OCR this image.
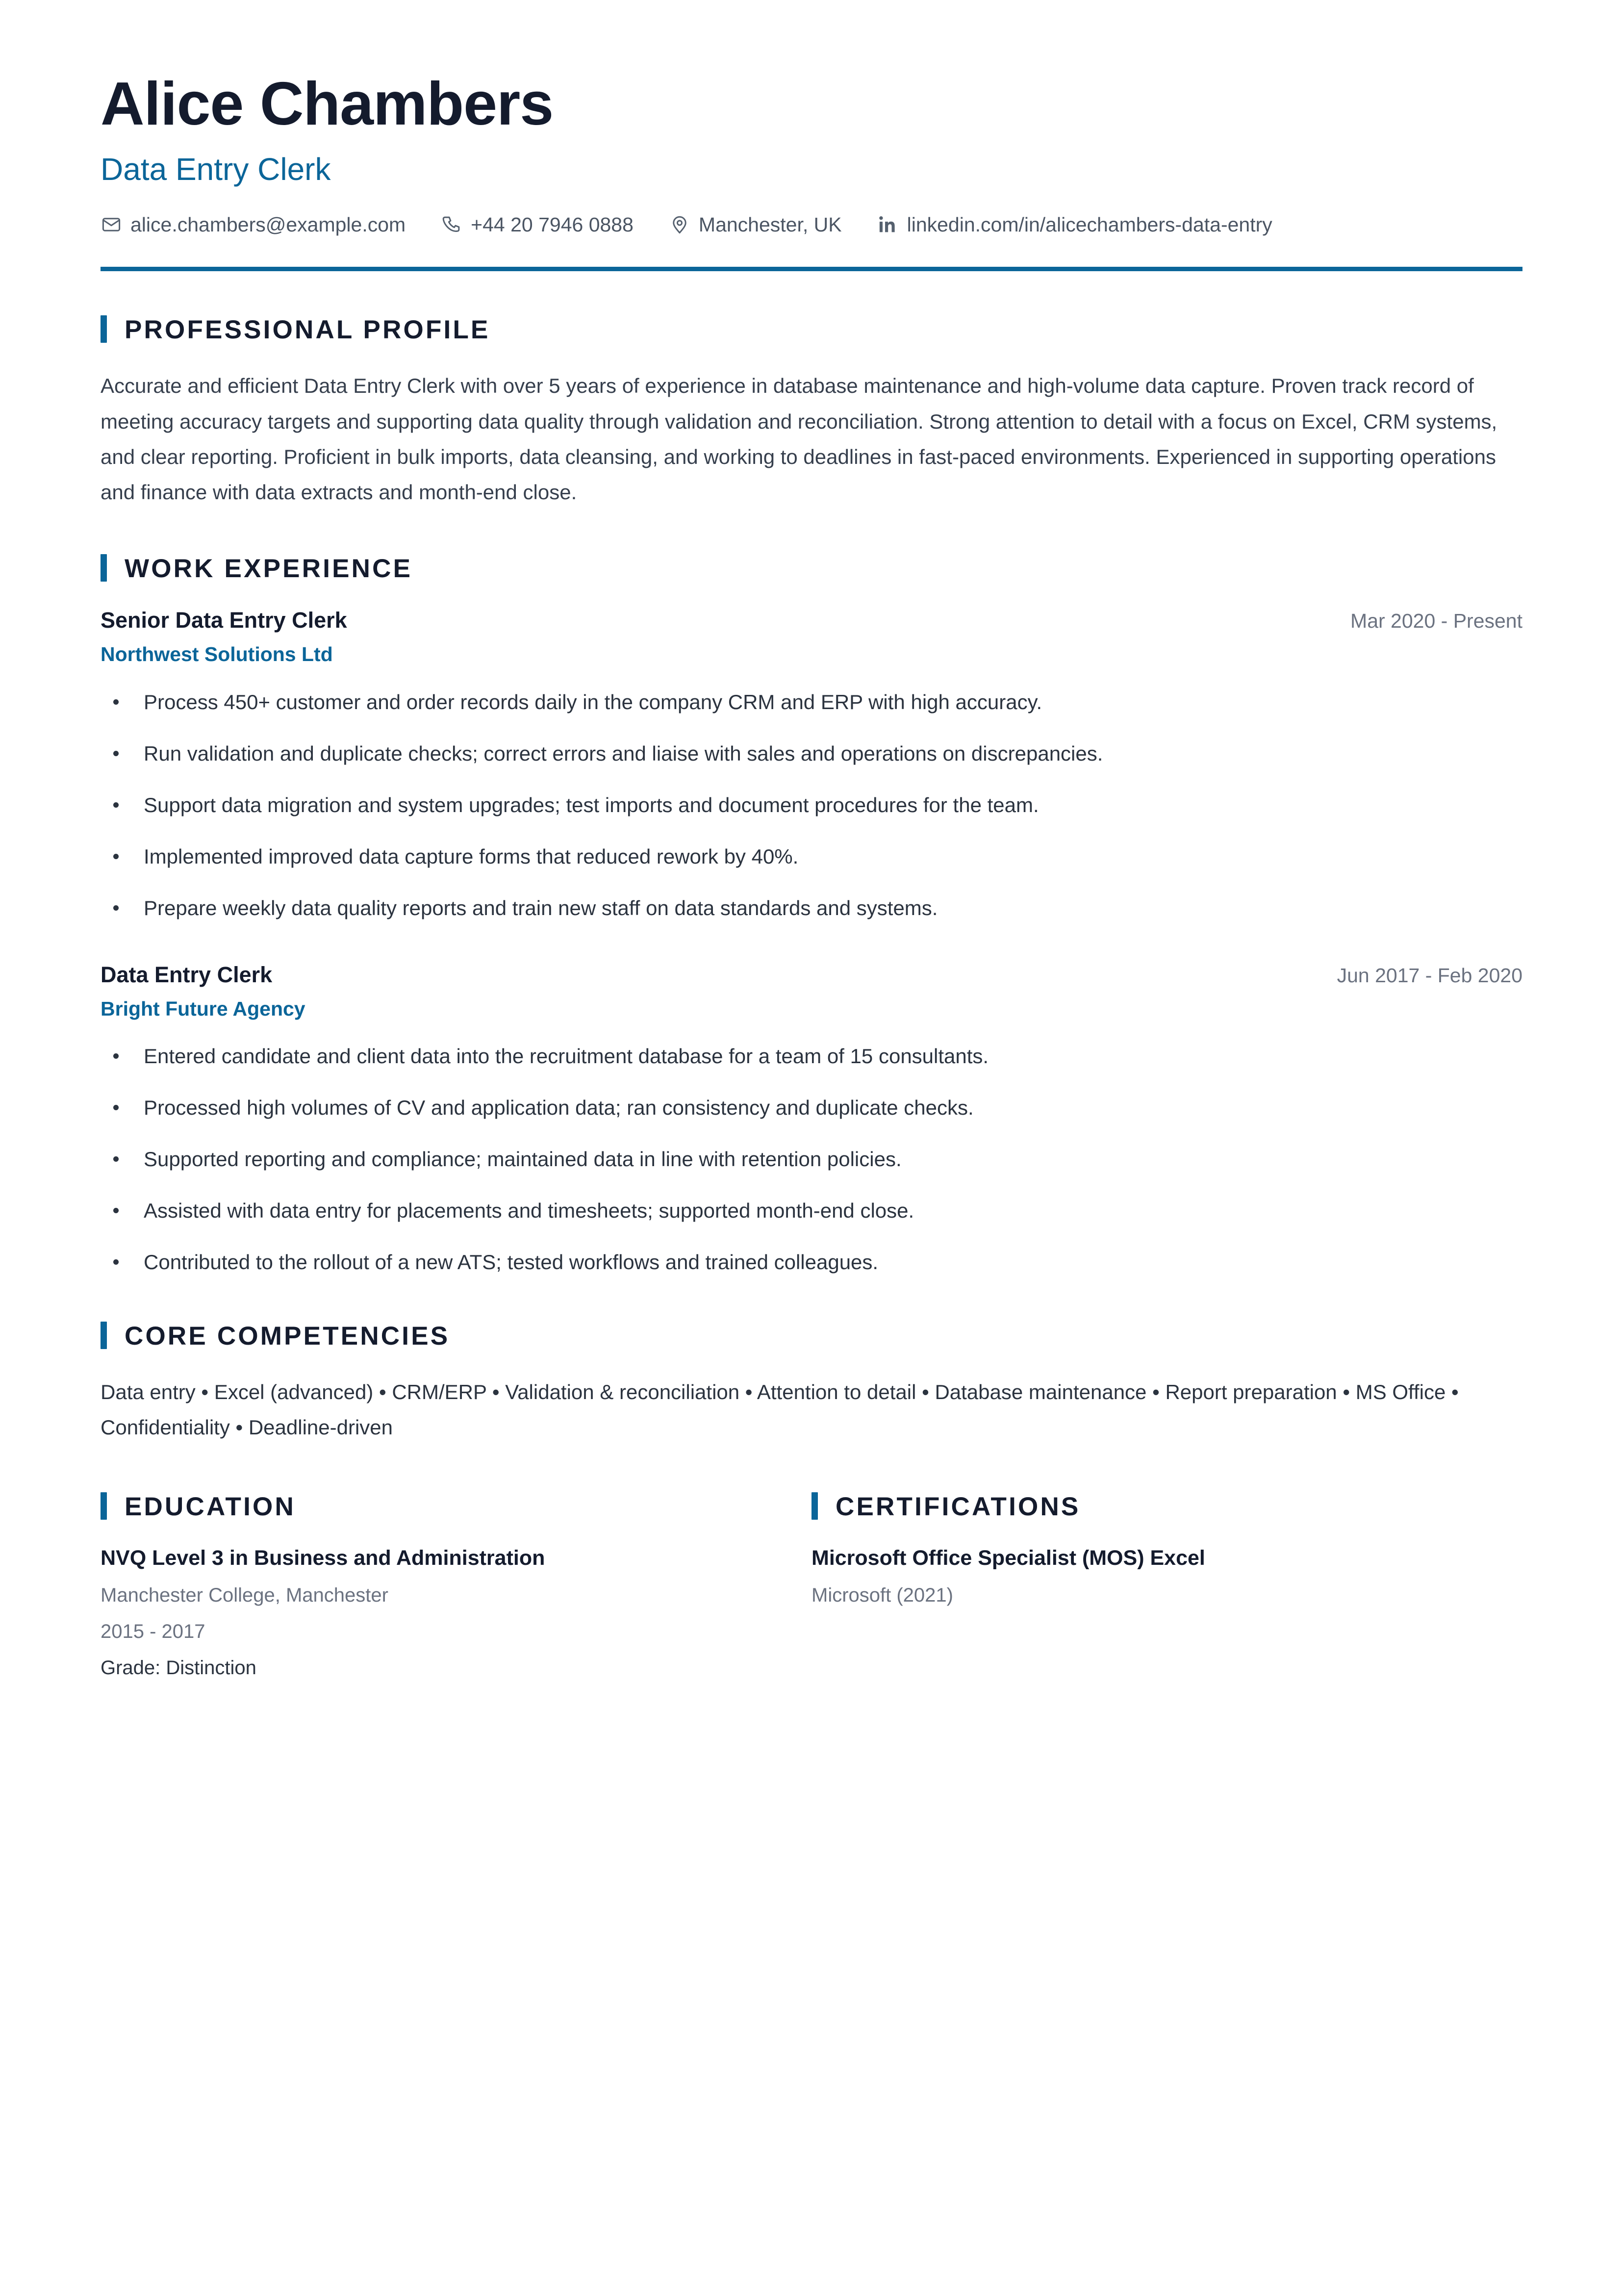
Alice Chambers
Data Entry Clerk
alice.chambers@example.com	+44 20 7946 0888	Manchester, UK	linkedin.com/in/alicechambers-data-entry
PROFESSIONAL PROFILE
Accurate and efficient Data Entry Clerk with over 5 years of experience in database maintenance and high-volume data capture. Proven track record of meeting accuracy targets and supporting data quality through validation and reconciliation. Strong attention to detail with a focus on Excel, CRM systems, and clear reporting. Proficient in bulk imports, data cleansing, and working to deadlines in fast-paced environments. Experienced in supporting operations and finance with data extracts and month-end close.
WORK EXPERIENCE
Senior Data Entry Clerk	Mar 2020 - Present
Northwest Solutions Ltd
Process 450+ customer and order records daily in the company CRM and ERP with high accuracy.
Run validation and duplicate checks; correct errors and liaise with sales and operations on discrepancies.
Support data migration and system upgrades; test imports and document procedures for the team.
Implemented improved data capture forms that reduced rework by 40%.
Prepare weekly data quality reports and train new staff on data standards and systems.
Data Entry Clerk	Jun 2017 - Feb 2020
Bright Future Agency
Entered candidate and client data into the recruitment database for a team of 15 consultants.
Processed high volumes of CV and application data; ran consistency and duplicate checks.
Supported reporting and compliance; maintained data in line with retention policies.
Assisted with data entry for placements and timesheets; supported month-end close.
Contributed to the rollout of a new ATS; tested workflows and trained colleagues.
CORE COMPETENCIES
Data entry • Excel (advanced) • CRM/ERP • Validation & reconciliation • Attention to detail • Database maintenance • Report preparation • MS Office • Confidentiality • Deadline-driven
EDUCATION
NVQ Level 3 in Business and Administration
Manchester College, Manchester
2015 - 2017
Grade: Distinction
CERTIFICATIONS
Microsoft Office Specialist (MOS) Excel
Microsoft (2021)
